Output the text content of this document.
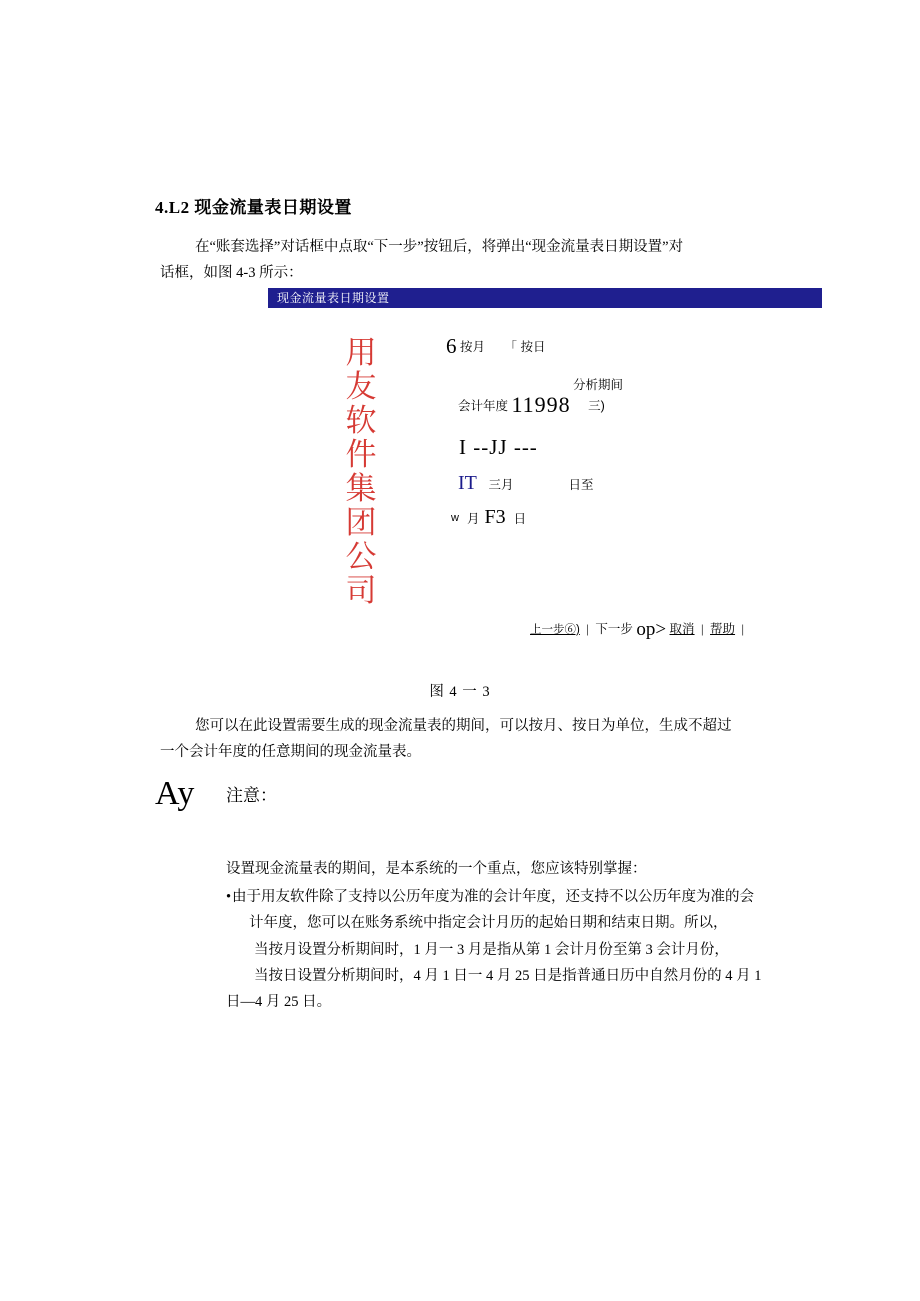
4.L2 现金流量表日期设置
在“账套选择”对话框中点取“下一步”按钮后，将弹出“现金流量表日期设置”对
话框，如图 4-3 所示：
现金流量表日期设置
用友软件集团公司
6 按月 「 按日
分析期间
会计年度 11998 三)
I --JJ ---
IT 三月	日至
w 月 F3 日
上一步⑥) | 下一步 op> 取消 | 帮助 |
图 4 一 3
您可以在此设置需要生成的现金流量表的期间，可以按月、按日为单位，生成不超过
一个会计年度的任意期间的现金流量表。
Ay 注意：
设置现金流量表的期间，是本系统的一个重点，您应该特别掌握：
• 由于用友软件除了支持以公历年度为准的会计年度，还支持不以公历年度为准的会
计年度，您可以在账务系统中指定会计月历的起始日期和结束日期。所以，
当按月设置分析期间时，1 月一 3 月是指从第 1 会计月份至第 3 会计月份，
当按日设置分析期间时，4 月 1 日一 4 月 25 日是指普通日历中自然月份的 4 月 1
日—4 月 25 日。
